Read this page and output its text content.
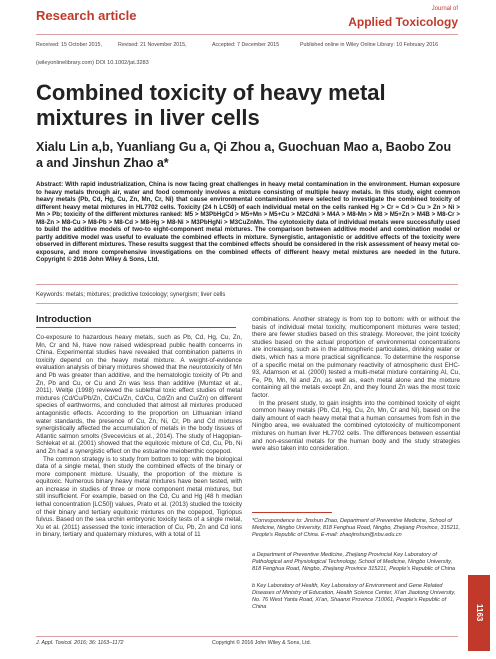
Research article	Journal of
Applied Toxicology
Received: 15 October 2015,	Revised: 21 November 2015,	Accepted: 7 December 2015	Published online in Wiley Online Library: 10 February 2016
(wileyonlinelibrary.com) DOI 10.1002/jat.3283
Combined toxicity of heavy metal mixtures in liver cells
Xialu Lin a,b, Yuanliang Gu a, Qi Zhou a, Guochuan Mao a, Baobo Zou a and Jinshun Zhao a*
Abstract: With rapid industrialization, China is now facing great challenges in heavy metal contamination in the environment. Human exposure to heavy metals through air, water and food commonly involves a mixture consisting of multiple heavy metals. In this study, eight common heavy metals (Pb, Cd, Hg, Cu, Zn, Mn, Cr, Ni) that cause environmental contamination were selected to investigate the combined toxicity of different heavy metal mixtures in HL7702 cells. Toxicity (24 h LC50) of each individual metal on the cells ranked Hg > Cr ≈ Cd > Cu > Zn > Ni > Mn > Pb; toxicity of the different mixtures ranked: M5 > M3PbHgCd > M5+Mn > M5+Cu > M2CdNi > M4A > M8-Mn > M8 > M5+Zn > M4B > M8-Cr > M8-Zn > M8-Cu > M8-Pb > M8-Cd > M8-Hg > M8-Ni > M3PbHgNi > M3CuZnMn. The cytotoxicity data of individual metals were successfully used to build the additive models of two-to eight-component metal mixtures. The comparison between additive model and combination model or partly additive model was useful to evaluate the combined effects in mixture. Synergistic, antagonistic or additive effects of the toxicity were observed in different mixtures. These results suggest that the combined effects should be considered in the risk assessment of heavy metal co-exposure, and more comprehensive investigations on the combined effects of different heavy metal mixtures are needed in the future. Copyright © 2016 John Wiley & Sons, Ltd.
Keywords: metals; mixtures; predictive toxicology; synergism; liver cells
Introduction

Co-exposure to hazardous heavy metals, such as Pb, Cd, Hg, Cu, Zn, Mn, Cr and Ni, have now raised widespread public health concerns in China. Experimental studies have revealed that combination patterns in toxicity depend on the heavy metal mixture. A weight-of-evidence evaluation analysis of binary mixtures showed that the neurotoxicity of Mn and Pb was greater than additive, and the hematologic toxicity of Pb and Zn, Pb and Cu, or Cu and Zn was less than additive (Mumtaz et al., 2011). Weltje (1998) reviewed the sublethal toxic effect studies of metal mixtures (Cd/Cu/Pb/Zn, Cd/Cu/Zn, Cd/Cu, Cd/Zn and Cu/Zn) on different species of earthworms, and concluded that almost all mixtures produced antagonistic effects. According to the proportion on Lithuanian inland water standards, the presence of Cu, Zn, Ni, Cr, Pb and Cd mixtures synergistically affected the accumulation of metals in the body tissues of Atlantic salmon smolts (Svecevicius et al., 2014). The study of Hagopian-Schlekat et al. (2001) showed that the equitoxic mixture of Cd, Cu, Pb, Ni and Zn had a synergistic effect on the estuarine meiobenthic copepod.

The common strategy is to study from bottom to top: with the biological data of a single metal, then study the combined effects of the binary or more component mixture. Usually, the proportion of the mixture is equitoxic. Numerous binary heavy metal mixtures have been tested, with an increase in studies of three or more component metal mixtures, but still insufficient. For example, based on the Cd, Cu and Hg (48 h median lethal concentration [LC50]) values, Prato et al. (2013) studied the toxicity of their binary and tertiary equitoxic mixtures on the copepod, Tigriopus fulvus. Based on the sea urchin embryonic toxicity tests of a single metal, Xu et al. (2011) assessed the toxic interaction of Cu, Pb, Zn and Cd ions in binary, tertiary and quaternary mixtures, with a total of 11

combinations. Another strategy is from top to bottom: with or without the basis of individual metal toxicity, multicomponent mixtures were tested; there are fewer studies based on this strategy. Moreover, the joint toxicity studies based on the actual proportion of environmental concentrations are increasing, such as in the atmospheric particulates, drinking water or diets, which has a more practical significance. To determine the response of a specific metal on the pulmonary reactivity of atmospheric dust EHC-93, Adamson et al. (2000) tested a multi-metal mixture containing Al, Cu, Fe, Pb, Mn, Ni and Zn, as well as, each metal alone and the mixture containing all the metals except Zn, and they found Zn was the most toxic factor.

In the present study, to gain insights into the combined toxicity of eight common heavy metals (Pb, Cd, Hg, Cu, Zn, Mn, Cr and Ni), based on the daily amount of each heavy metal that a human consumes from fish in the Ningbo area, we evaluated the combined cytotoxicity of multicomponent mixtures on human liver HL7702 cells. The differences between essential and non-essential metals for the human body and the study strategies were also taken into consideration.

*Correspondence to: Jinshun Zhao, Department of Preventive Medicine, School of Medicine, Ningbo University, 818 Fenghua Road, Ningbo, Zhejiang Province, 315211, People's Republic of China. E-mail: zhaojinshun@nbu.edu.cn
a Department of Preventive Medicine, Zhejiang Provincial Key Laboratory of Pathological and Physiological Technology, School of Medicine, Ningbo University, 818 Fenghua Road, Ningbo, Zhejiang Province 315211, People's Republic of China
b Key Laboratory of Health, Key Laboratory of Environment and Gene Related Diseases of Ministry of Education, Health Science Center, Xi'an Jiaotong University, No. 76 West Yanta Road, Xi'an, Shaanxi Province 710061, People's Republic of China	1163
J. Appl. Toxicol. 2016; 36: 1163–1172	Copyright © 2016 John Wiley & Sons, Ltd.
